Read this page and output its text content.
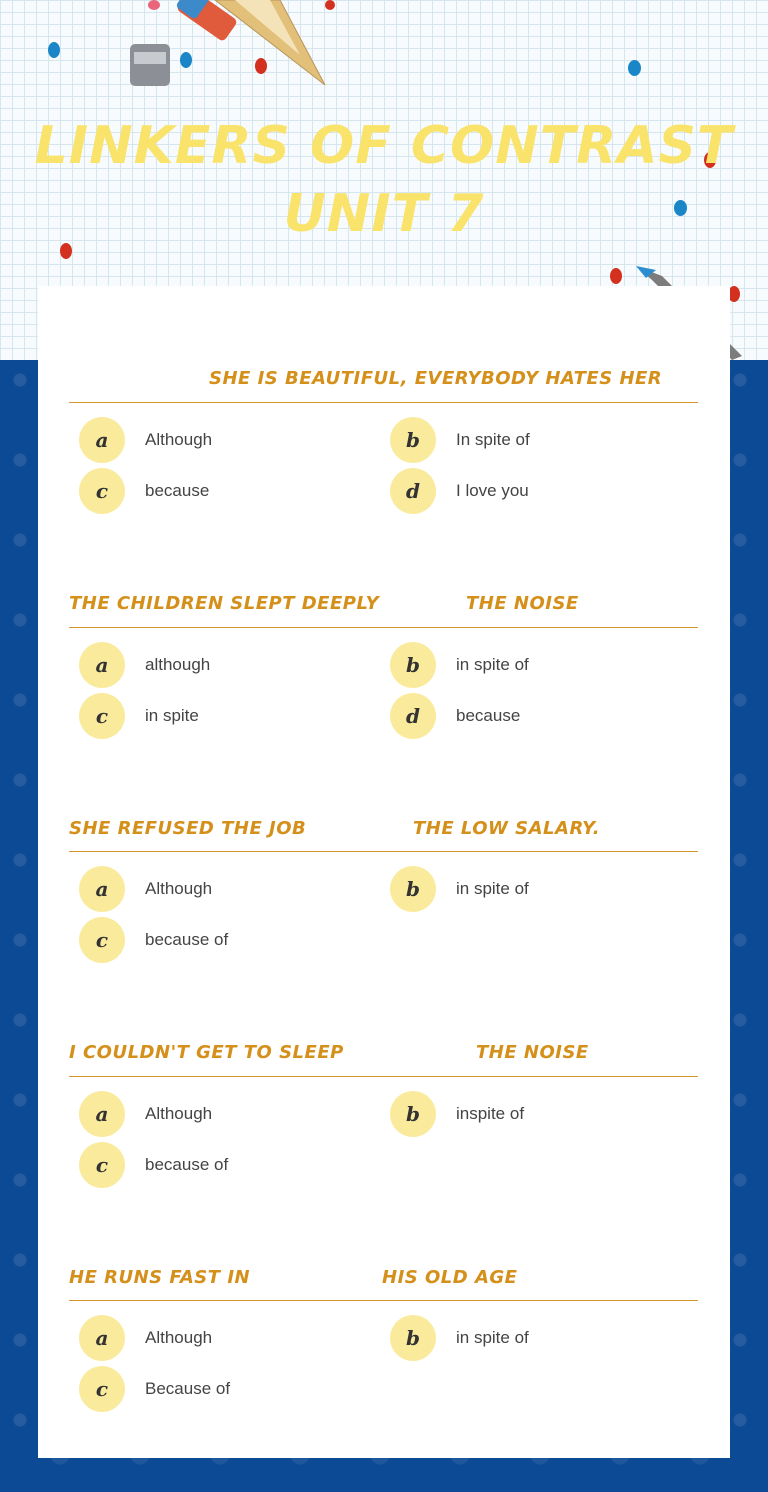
LINKERS OF CONTRAST UNIT 7
SHE IS BEAUTIFUL, EVERYBODY HATES HER
a	Although	b	In spite of
c	because	d	I love you
THE CHILDREN SLEPT DEEPLY	THE NOISE
a	although	b	in spite of
c	in spite	d	because
SHE REFUSED THE JOB	THE LOW SALARY.
a	Although	b	in spite of
c	because of
I COULDN'T GET TO SLEEP	THE NOISE
a	Although	b	inspite of
c	because of
HE RUNS FAST IN	HIS OLD AGE
a	Although	b	in spite of
c	Because of
